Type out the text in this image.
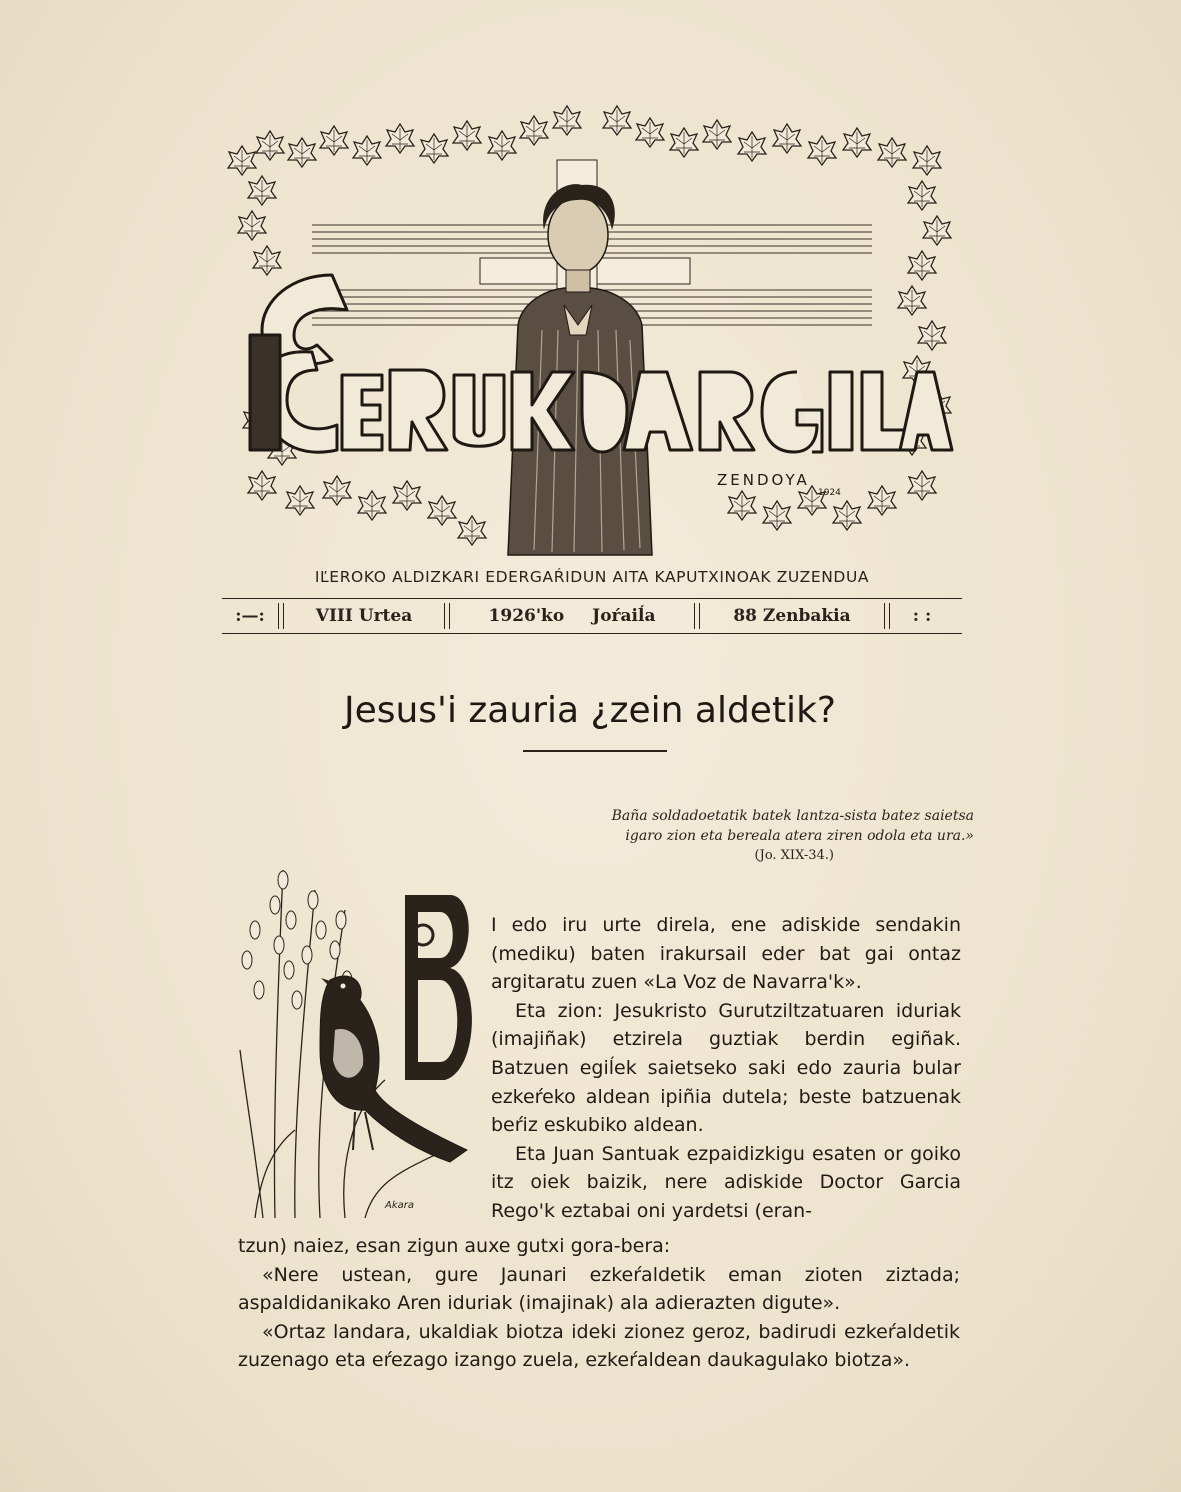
ZENDOYA
1924
IĽEROKO ALDIZKARI EDERGAŔIDUN AITA KAPUTXINOAK ZUZENDUA
:—:	VIII Urtea	1926'ko Joŕaiĺa	88 Zenbakia	: :
Jesus'i zauria ¿zein aldetik?
Baña soldadoetatik batek lantza-sista batez saietsa
igaro zion eta bereala atera ziren odola eta ura.»
(Jo. XIX-34.)
Akara
I edo iru urte direla, ene adiskide sendakin (mediku) baten irakursail eder bat gai ontaz argitaratu zuen «La Voz de Navarra'k».
Eta zion: Jesukristo Gurutziltzatuaren iduriak (imajiñak) etzirela guztiak berdin egiñak. Batzuen egiĺek saietseko saki edo zauria bular ezkeŕeko aldean ipiñia dutela; beste batzuenak beŕiz eskubiko aldean.
Eta Juan Santuak ezpaidizkigu esaten or goiko itz oiek baizik, nere adiskide Doctor Garcia Rego'k eztabai oni yardetsi (eran-
tzun) naiez, esan zigun auxe gutxi gora-bera:
«Nere ustean, gure Jaunari ezkeŕaldetik eman zioten ziztada; aspaldidanikako Aren iduriak (imajinak) ala adierazten digute».
«Ortaz landara, ukaldiak biotza ideki zionez geroz, badirudi ezkeŕaldetik zuzenago eta eŕezago izango zuela, ezkeŕaldean daukagulako biotza».
